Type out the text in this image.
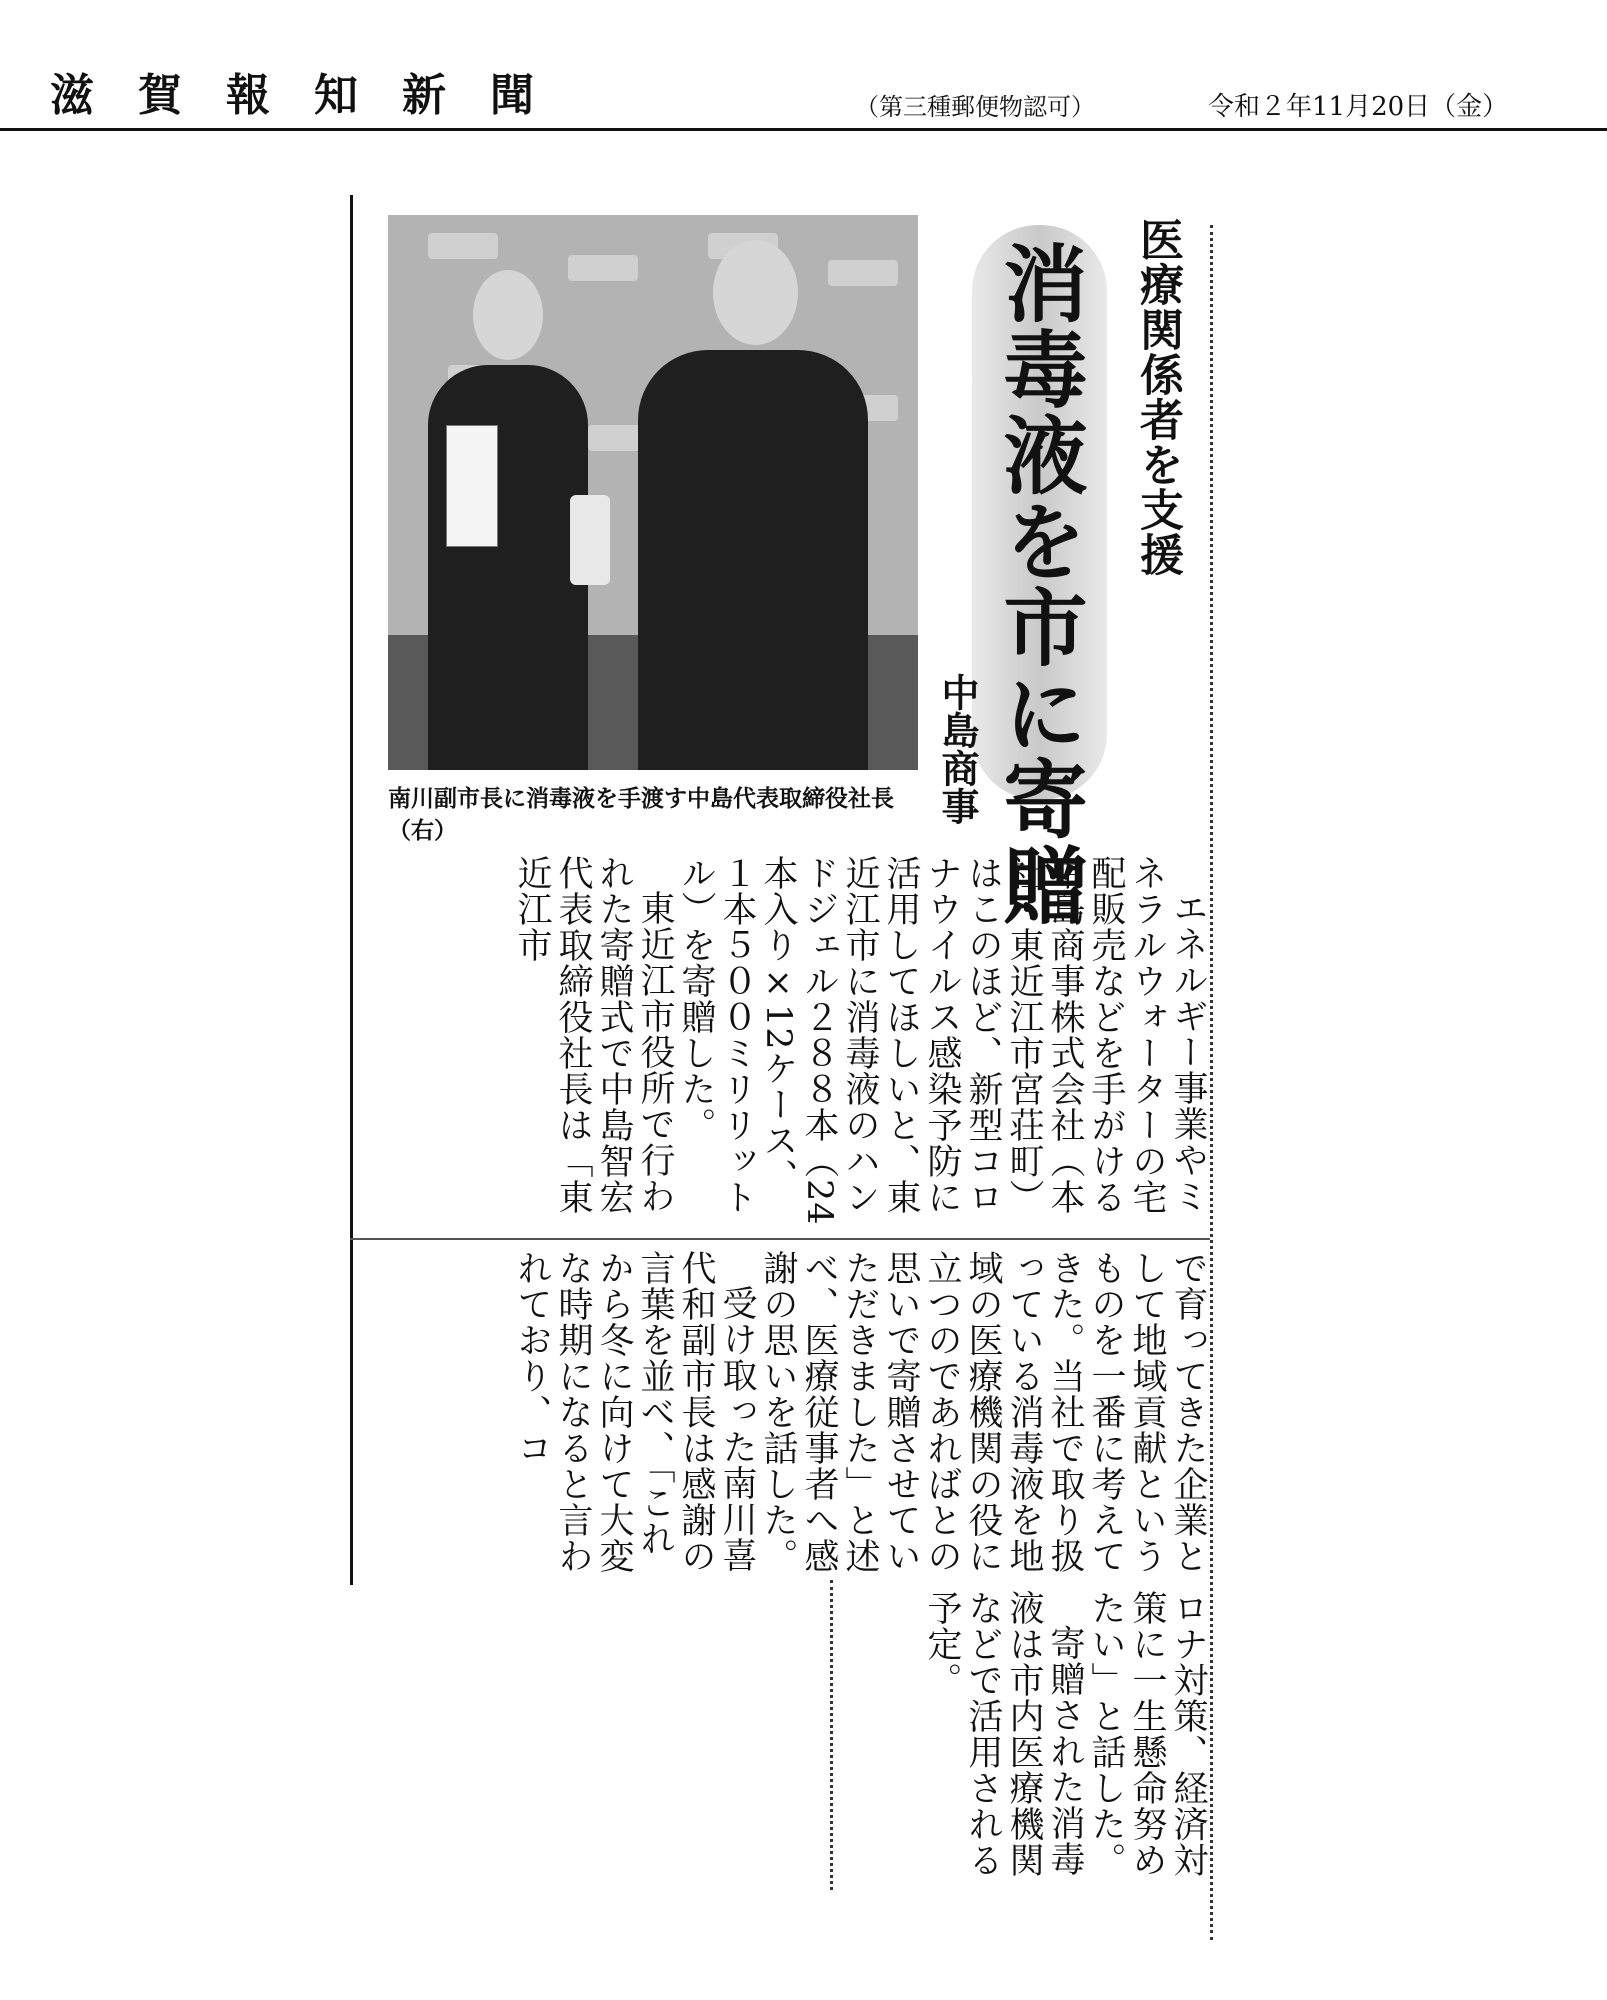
滋賀報知新聞	（第三種郵便物認可）	令和２年11月20日（金）
南川副市長に消毒液を手渡す中島代表取締役社長（右）
医療関係者を支援
消毒液を市に寄贈
中島商事

エネルギー事業やミネラルウォーターの宅配販売などを手がける中島商事株式会社（本社・東近江市宮荘町）はこのほど、新型コロナウイルス感染予防に活用してほしいと、東近江市に消毒液のハンドジェル２８８本（24本入り×12ケース、１本５００ミリリットル）を寄贈した。

東近江市役所で行われた寄贈式で中島智宏代表取締役社長は「東近江市

で育ってきた企業として地域貢献というものを一番に考えてきた。当社で取り扱っている消毒液を地域の医療機関の役に立つのであればとの思いで寄贈させていただきました」と述べ、医療従事者へ感謝の思いを話した。

受け取った南川喜代和副市長は感謝の言葉を並べ、「これから冬に向けて大変な時期になると言われており、コ

ロナ対策、経済対策に一生懸命努めたい」と話した。

寄贈された消毒液は市内医療機関などで活用される予定。
